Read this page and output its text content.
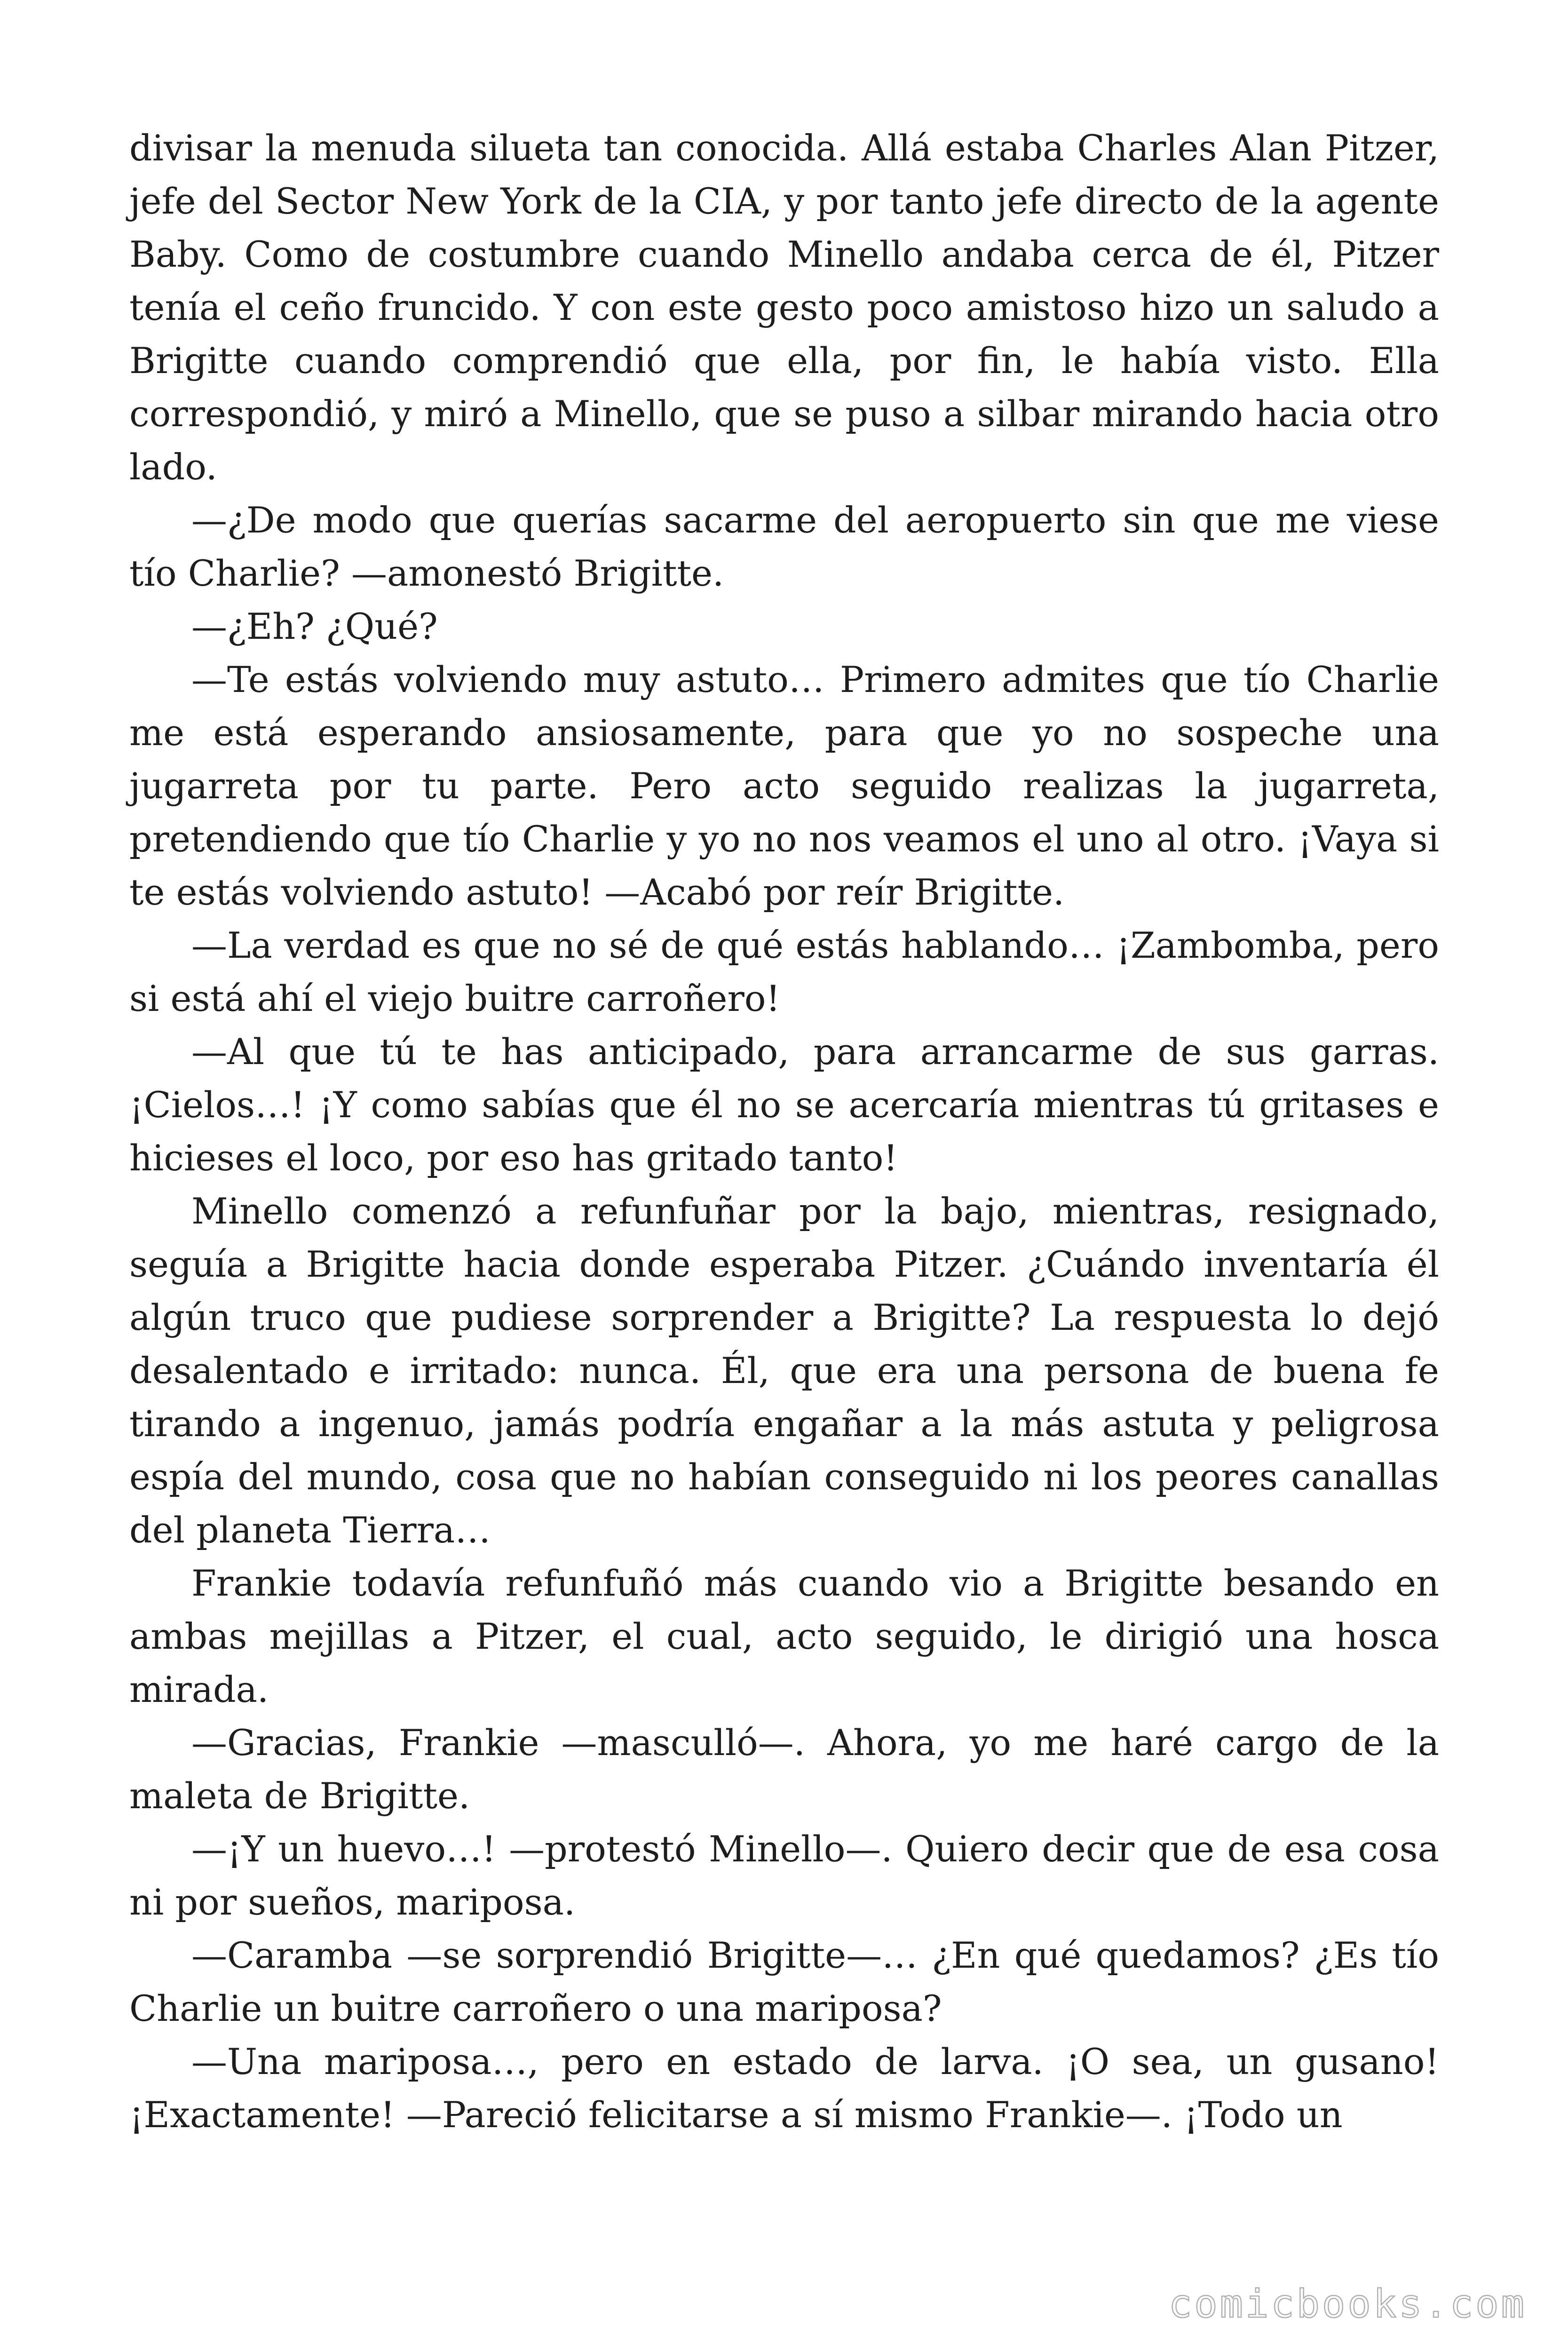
divisar la menuda silueta tan conocida. Allá estaba Charles Alan Pitzer, jefe del Sector New York de la CIA, y por tanto jefe directo de la agente Baby. Como de costumbre cuando Minello andaba cerca de él, Pitzer tenía el ceño fruncido. Y con este gesto poco amistoso hizo un saludo a Brigitte cuando comprendió que ella, por fin, le había visto. Ella correspondió, y miró a Minello, que se puso a silbar mirando hacia otro lado.

—¿De modo que querías sacarme del aeropuerto sin que me viese tío Charlie? —amonestó Brigitte.

—¿Eh? ¿Qué?

—Te estás volviendo muy astuto… Primero admites que tío Charlie me está esperando ansiosamente, para que yo no sospeche una jugarreta por tu parte. Pero acto seguido realizas la jugarreta, pretendiendo que tío Charlie y yo no nos veamos el uno al otro. ¡Vaya si te estás volviendo astuto! —Acabó por reír Brigitte.

—La verdad es que no sé de qué estás hablando… ¡Zambomba, pero si está ahí el viejo buitre carroñero!

—Al que tú te has anticipado, para arrancarme de sus garras. ¡Cielos…! ¡Y como sabías que él no se acercaría mientras tú gritases e hicieses el loco, por eso has gritado tanto!

Minello comenzó a refunfuñar por la bajo, mientras, resignado, seguía a Brigitte hacia donde esperaba Pitzer. ¿Cuándo inventaría él algún truco que pudiese sorprender a Brigitte? La respuesta lo dejó desalentado e irritado: nunca. Él, que era una persona de buena fe tirando a ingenuo, jamás podría engañar a la más astuta y peligrosa espía del mundo, cosa que no habían conseguido ni los peores canallas del planeta Tierra…

Frankie todavía refunfuñó más cuando vio a Brigitte besando en ambas mejillas a Pitzer, el cual, acto seguido, le dirigió una hosca mirada.

—Gracias, Frankie —masculló—. Ahora, yo me haré cargo de la maleta de Brigitte.

—¡Y un huevo…! —protestó Minello—. Quiero decir que de esa cosa ni por sueños, mariposa.

—Caramba —se sorprendió Brigitte—… ¿En qué quedamos? ¿Es tío Charlie un buitre carroñero o una mariposa?

—Una mariposa…, pero en estado de larva. ¡O sea, un gusano! ¡Exactamente! —Pareció felicitarse a sí mismo Frankie—. ¡Todo un

comicbooks.com
